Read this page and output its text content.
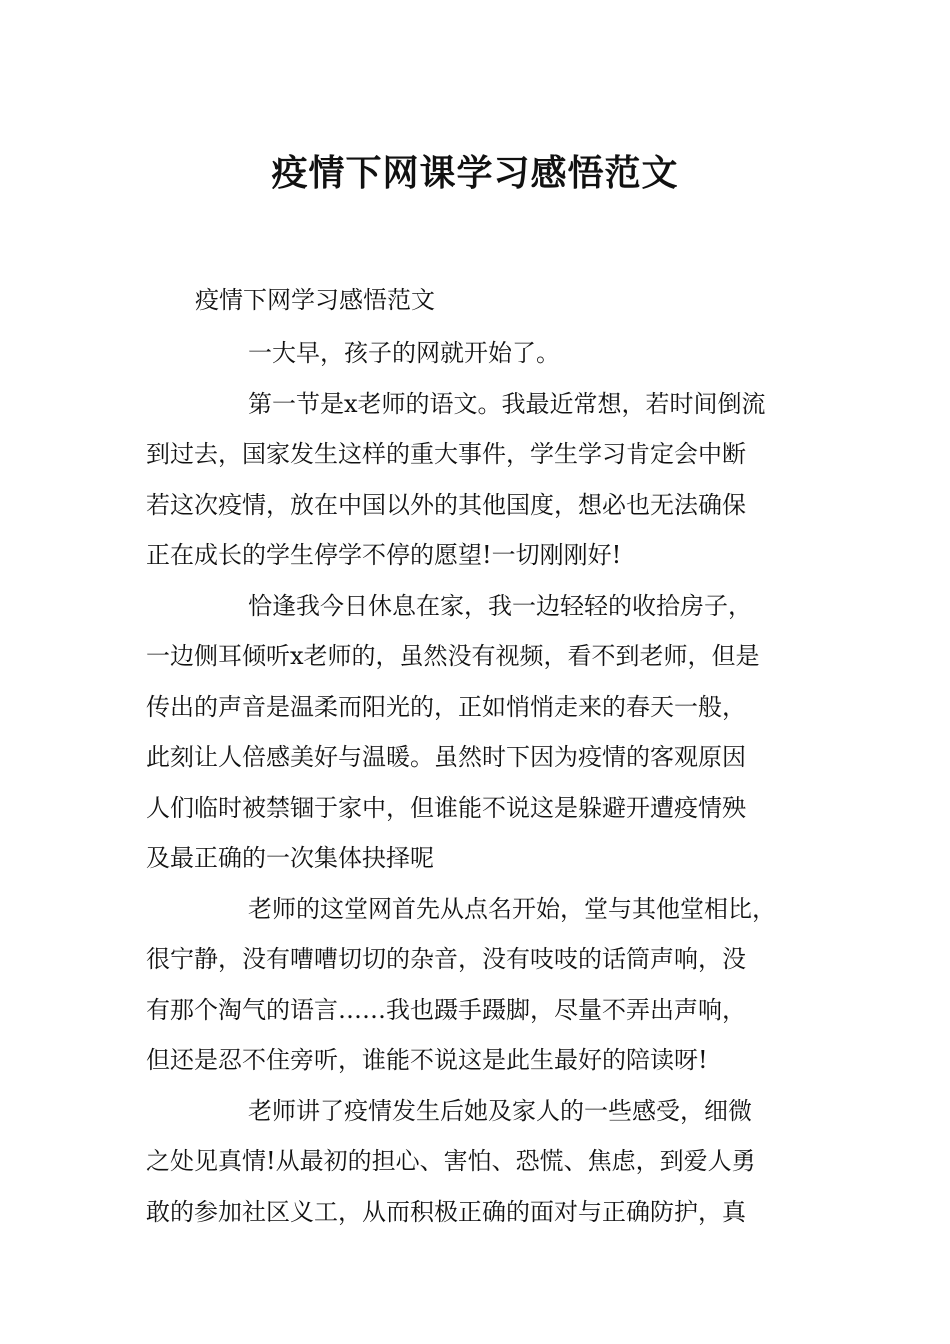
疫情下网课学习感悟范文
疫情下网学习感悟范文
一大早，孩子的网就开始了。
第一节是x老师的语文。我最近常想，若时间倒流
到过去，国家发生这样的重大事件，学生学习肯定会中断
若这次疫情，放在中国以外的其他国度，想必也无法确保
正在成长的学生停学不停的愿望!一切刚刚好!
恰逢我今日休息在家，我一边轻轻的收拾房子，
一边侧耳倾听x老师的，虽然没有视频，看不到老师，但是
传出的声音是温柔而阳光的，正如悄悄走来的春天一般，
此刻让人倍感美好与温暖。虽然时下因为疫情的客观原因
人们临时被禁锢于家中，但谁能不说这是躲避开遭疫情殃
及最正确的一次集体抉择呢
老师的这堂网首先从点名开始，堂与其他堂相比，
很宁静，没有嘈嘈切切的杂音，没有吱吱的话筒声响，没
有那个淘气的语言……我也蹑手蹑脚，尽量不弄出声响，
但还是忍不住旁听，谁能不说这是此生最好的陪读呀!
老师讲了疫情发生后她及家人的一些感受，细微
之处见真情!从最初的担心、害怕、恐慌、焦虑，到爱人勇
敢的参加社区义工，从而积极正确的面对与正确防护，真
